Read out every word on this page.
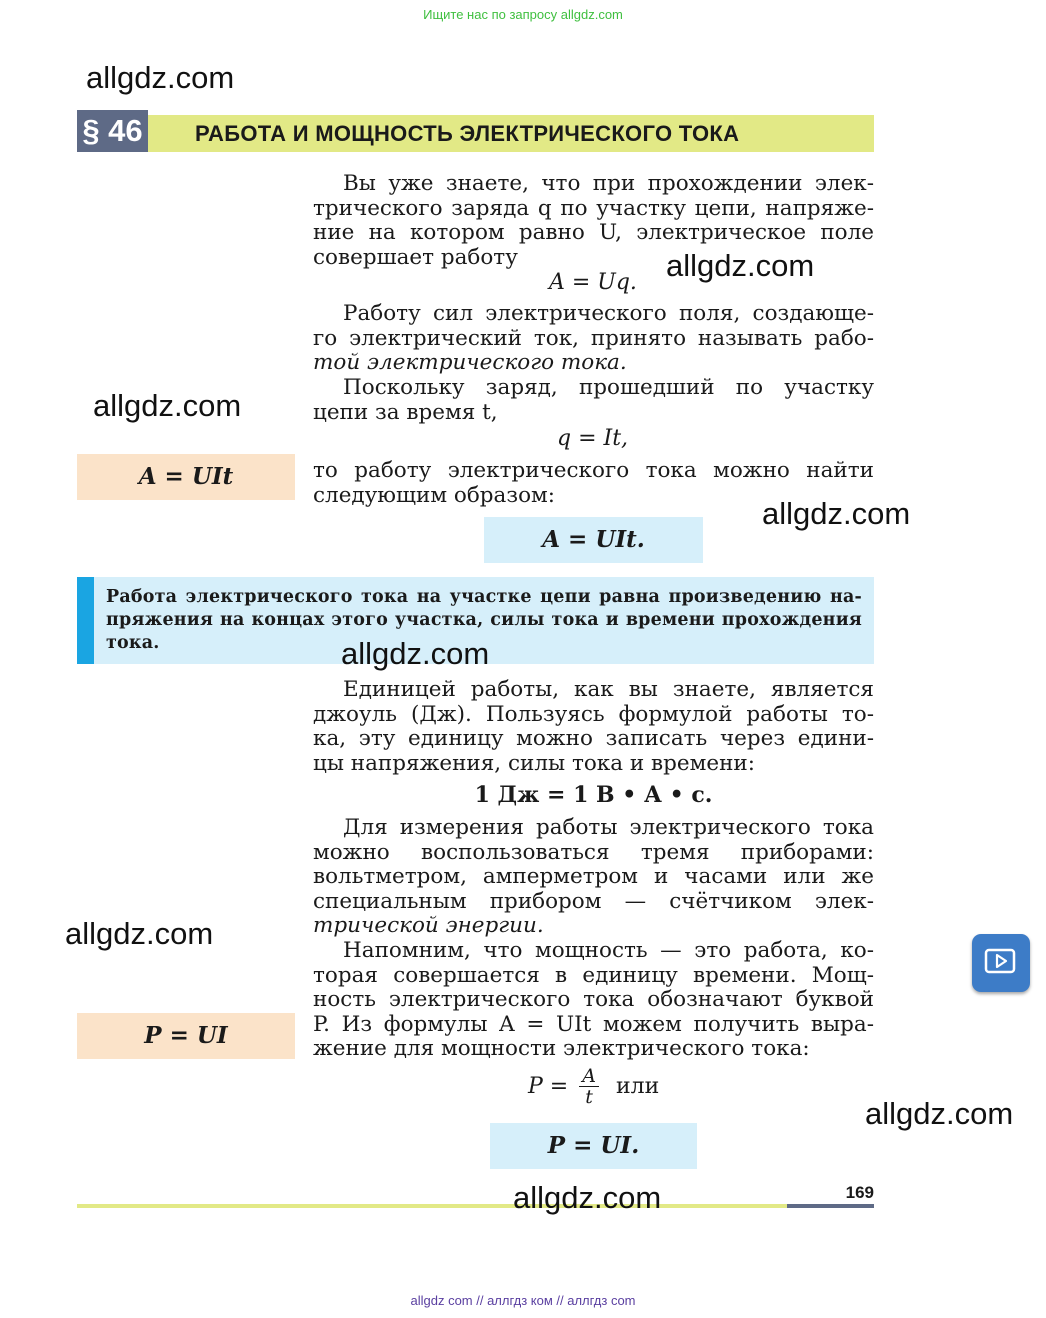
Ищите нас по запросу allgdz.com
allgdz.com
§ 46	РАБОТА И МОЩНОСТЬ ЭЛЕКТРИЧЕСКОГО ТОКА
Вы уже знаете, что при прохождении элек-
трического заряда q по участку цепи, напряже-
ние на котором равно U, электрическое поле
совершает работу
A = Uq. allgdz.com
Работу сил электрического поля, создающе-
го электрический ток, принято называть рабо-
той электрического тока.
Поскольку заряд, прошедший по участку
цепи за время t,
allgdz.com
q = It,
A = UIt	то работу электрического тока можно найти
следующим образом:
allgdz.com
A = UIt.
Работа электрического тока на участке цепи равна произведению на-
пряжения на концах этого участка, силы тока и времени прохождения
тока.	allgdz.com
Единицей работы, как вы знаете, является
джоуль (Дж). Пользуясь формулой работы то-
ка, эту единицу можно записать через едини-
цы напряжения, силы тока и времени:
1 Дж = 1 В • А • с.
Для измерения работы электрического тока
можно воспользоваться тремя приборами:
вольтметром, амперметром и часами или же
специальным прибором — счётчиком элек-
трической энергии.
allgdz.com	Напомним, что мощность — это работа, ко-
торая совершается в единицу времени. Мощ-
ность электрического тока обозначают буквой
P. Из формулы A = UIt можем получить выра-
жение для мощности электрического тока:
P = UI
$P = \frac{A}{t}$ или
allgdz.com
P = UI.
169
allgdz.com
allgdz com // аллгдз ком // аллгдз com
